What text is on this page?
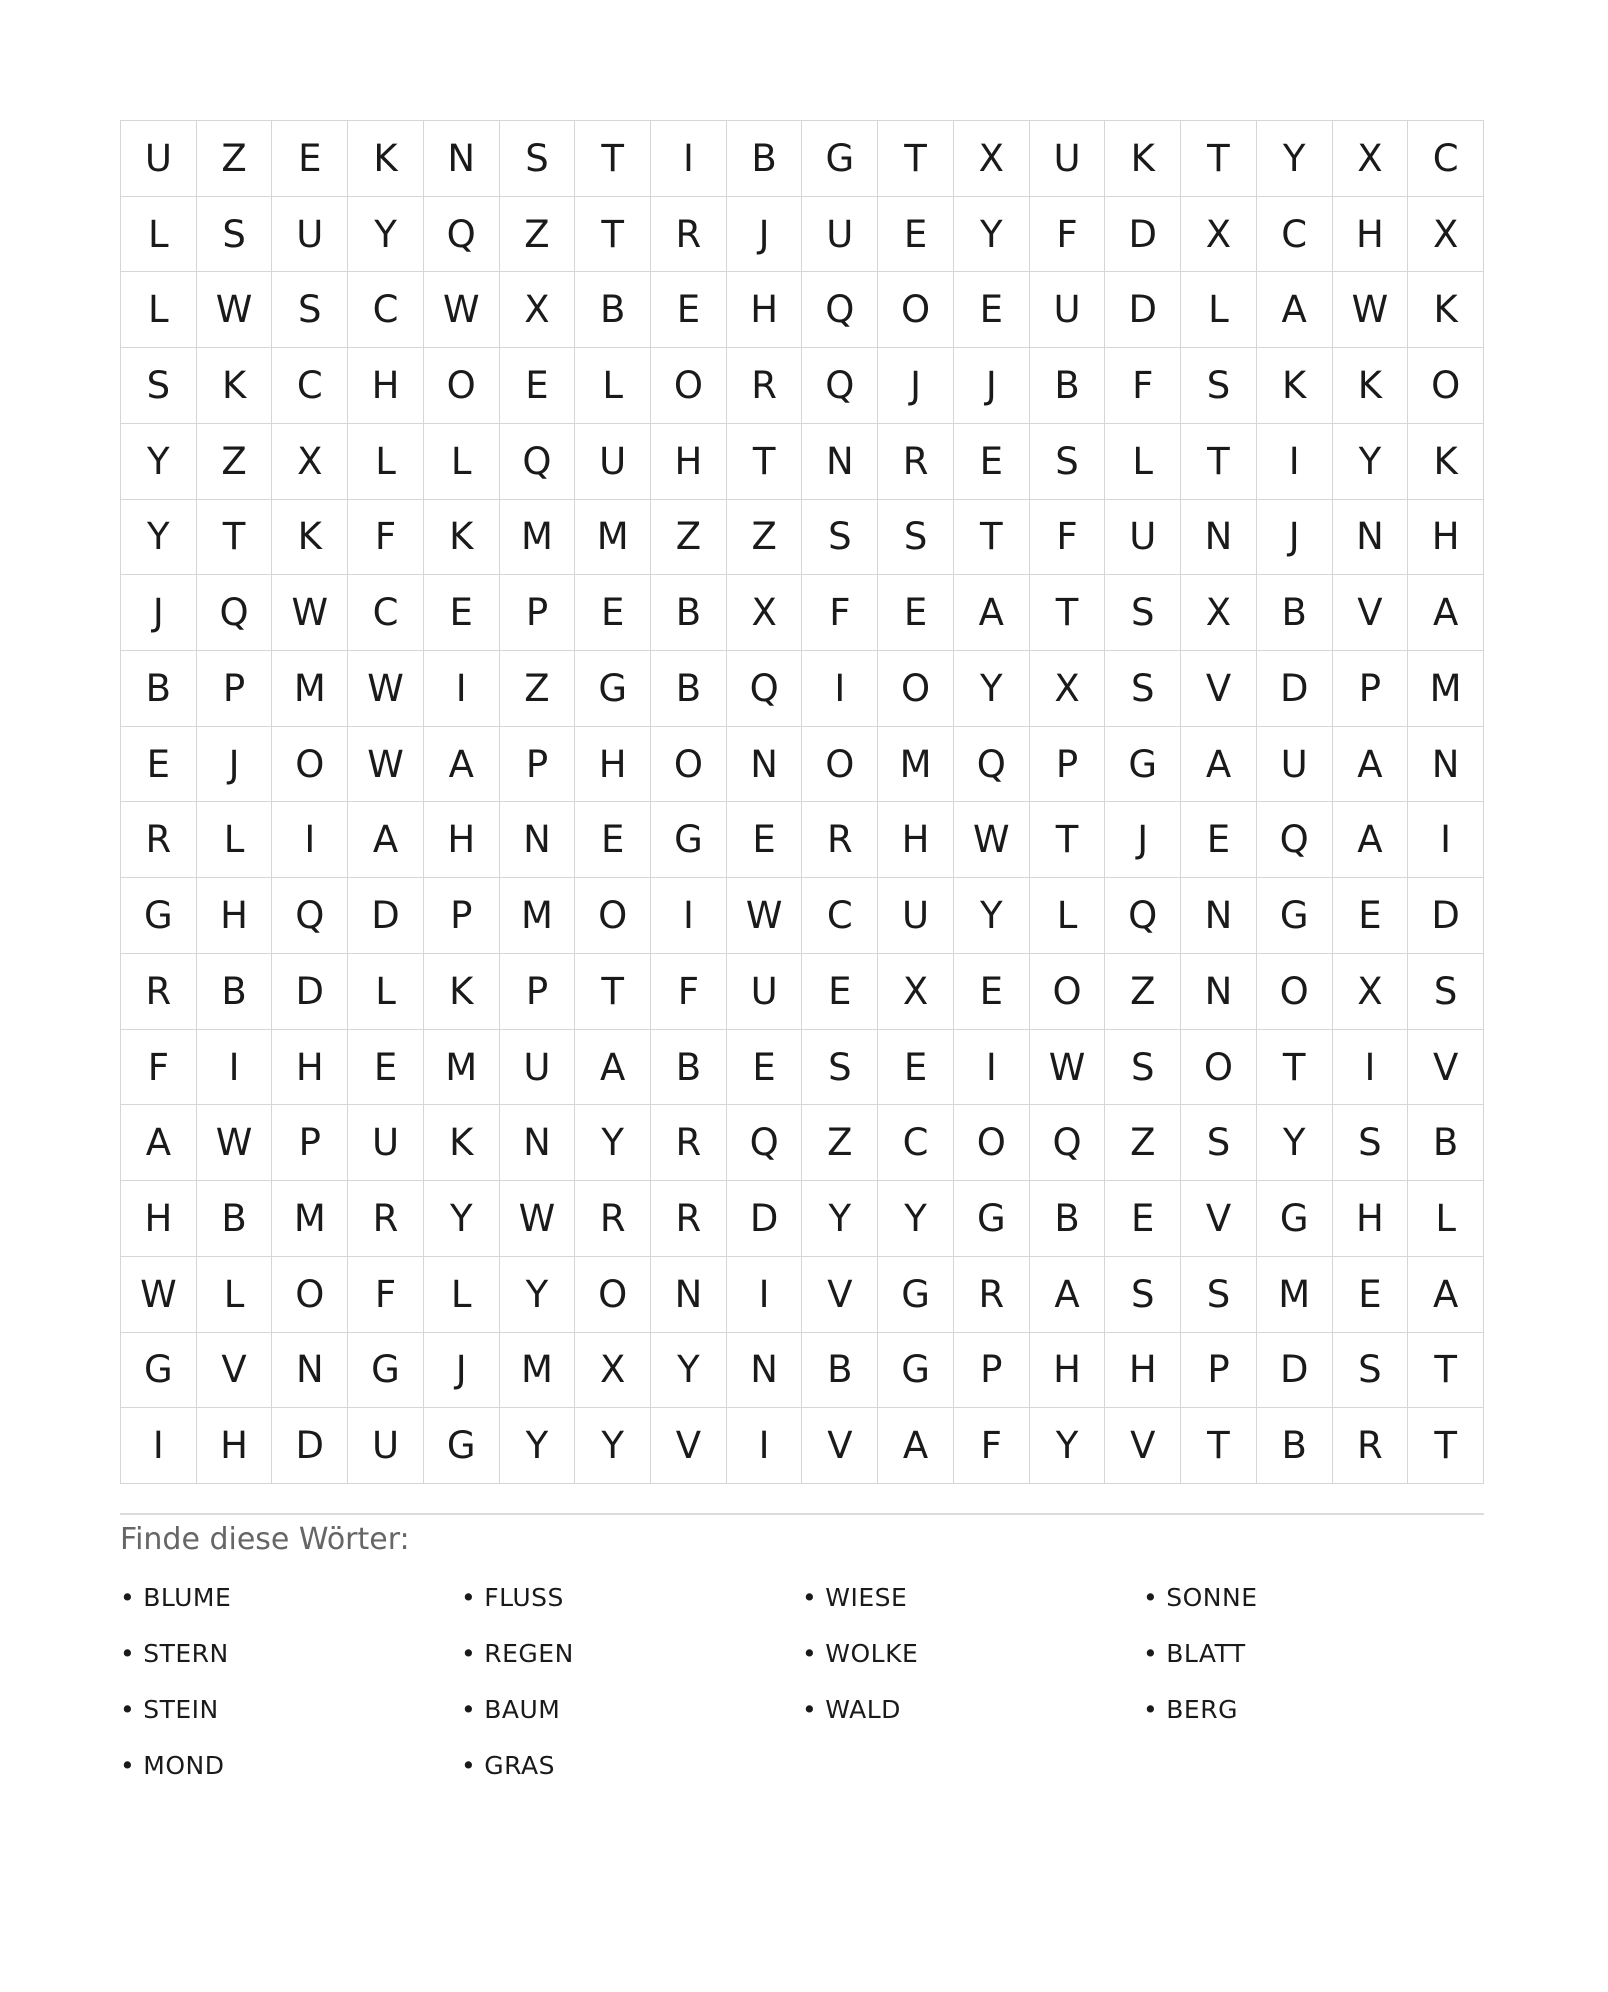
U	Z	E	K	N	S	T	I	B	G	T	X	U	K	T	Y	X	C
L	S	U	Y	Q	Z	T	R	J	U	E	Y	F	D	X	C	H	X
L	W	S	C	W	X	B	E	H	Q	O	E	U	D	L	A	W	K
S	K	C	H	O	E	L	O	R	Q	J	J	B	F	S	K	K	O
Y	Z	X	L	L	Q	U	H	T	N	R	E	S	L	T	I	Y	K
Y	T	K	F	K	M	M	Z	Z	S	S	T	F	U	N	J	N	H
J	Q	W	C	E	P	E	B	X	F	E	A	T	S	X	B	V	A
B	P	M	W	I	Z	G	B	Q	I	O	Y	X	S	V	D	P	M
E	J	O	W	A	P	H	O	N	O	M	Q	P	G	A	U	A	N
R	L	I	A	H	N	E	G	E	R	H	W	T	J	E	Q	A	I
G	H	Q	D	P	M	O	I	W	C	U	Y	L	Q	N	G	E	D
R	B	D	L	K	P	T	F	U	E	X	E	O	Z	N	O	X	S
F	I	H	E	M	U	A	B	E	S	E	I	W	S	O	T	I	V
A	W	P	U	K	N	Y	R	Q	Z	C	O	Q	Z	S	Y	S	B
H	B	M	R	Y	W	R	R	D	Y	Y	G	B	E	V	G	H	L
W	L	O	F	L	Y	O	N	I	V	G	R	A	S	S	M	E	A
G	V	N	G	J	M	X	Y	N	B	G	P	H	H	P	D	S	T
I	H	D	U	G	Y	Y	V	I	V	A	F	Y	V	T	B	R	T
Finde diese Wörter:
• BLUME	• FLUSS	• WIESE	• SONNE
• STERN	• REGEN	• WOLKE	• BLATT
• STEIN	• BAUM	• WALD	• BERG
• MOND	• GRAS
